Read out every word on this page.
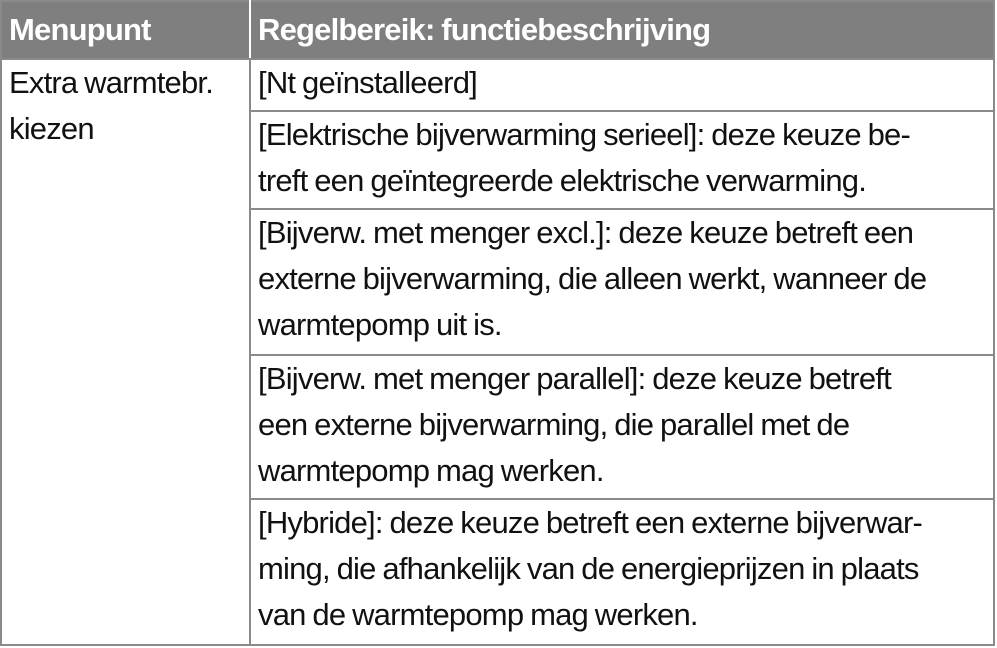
Menupunt	Regelbereik: functiebeschrijving

Extra warmtebr.
kiezen	[Nt geïnstalleerd]

	[Elektrische bijverwarming serieel]: deze keuze be-
treft een geïntegreerde elektrische verwarming.

	[Bijverw. met menger excl.]: deze keuze betreft een
externe bijverwarming, die alleen werkt, wanneer de
warmtepomp uit is.

	[Bijverw. met menger parallel]: deze keuze betreft
een externe bijverwarming, die parallel met de
warmtepomp mag werken.

	[Hybride]: deze keuze betreft een externe bijverwar-
ming, die afhankelijk van de energieprijzen in plaats
van de warmtepomp mag werken.
